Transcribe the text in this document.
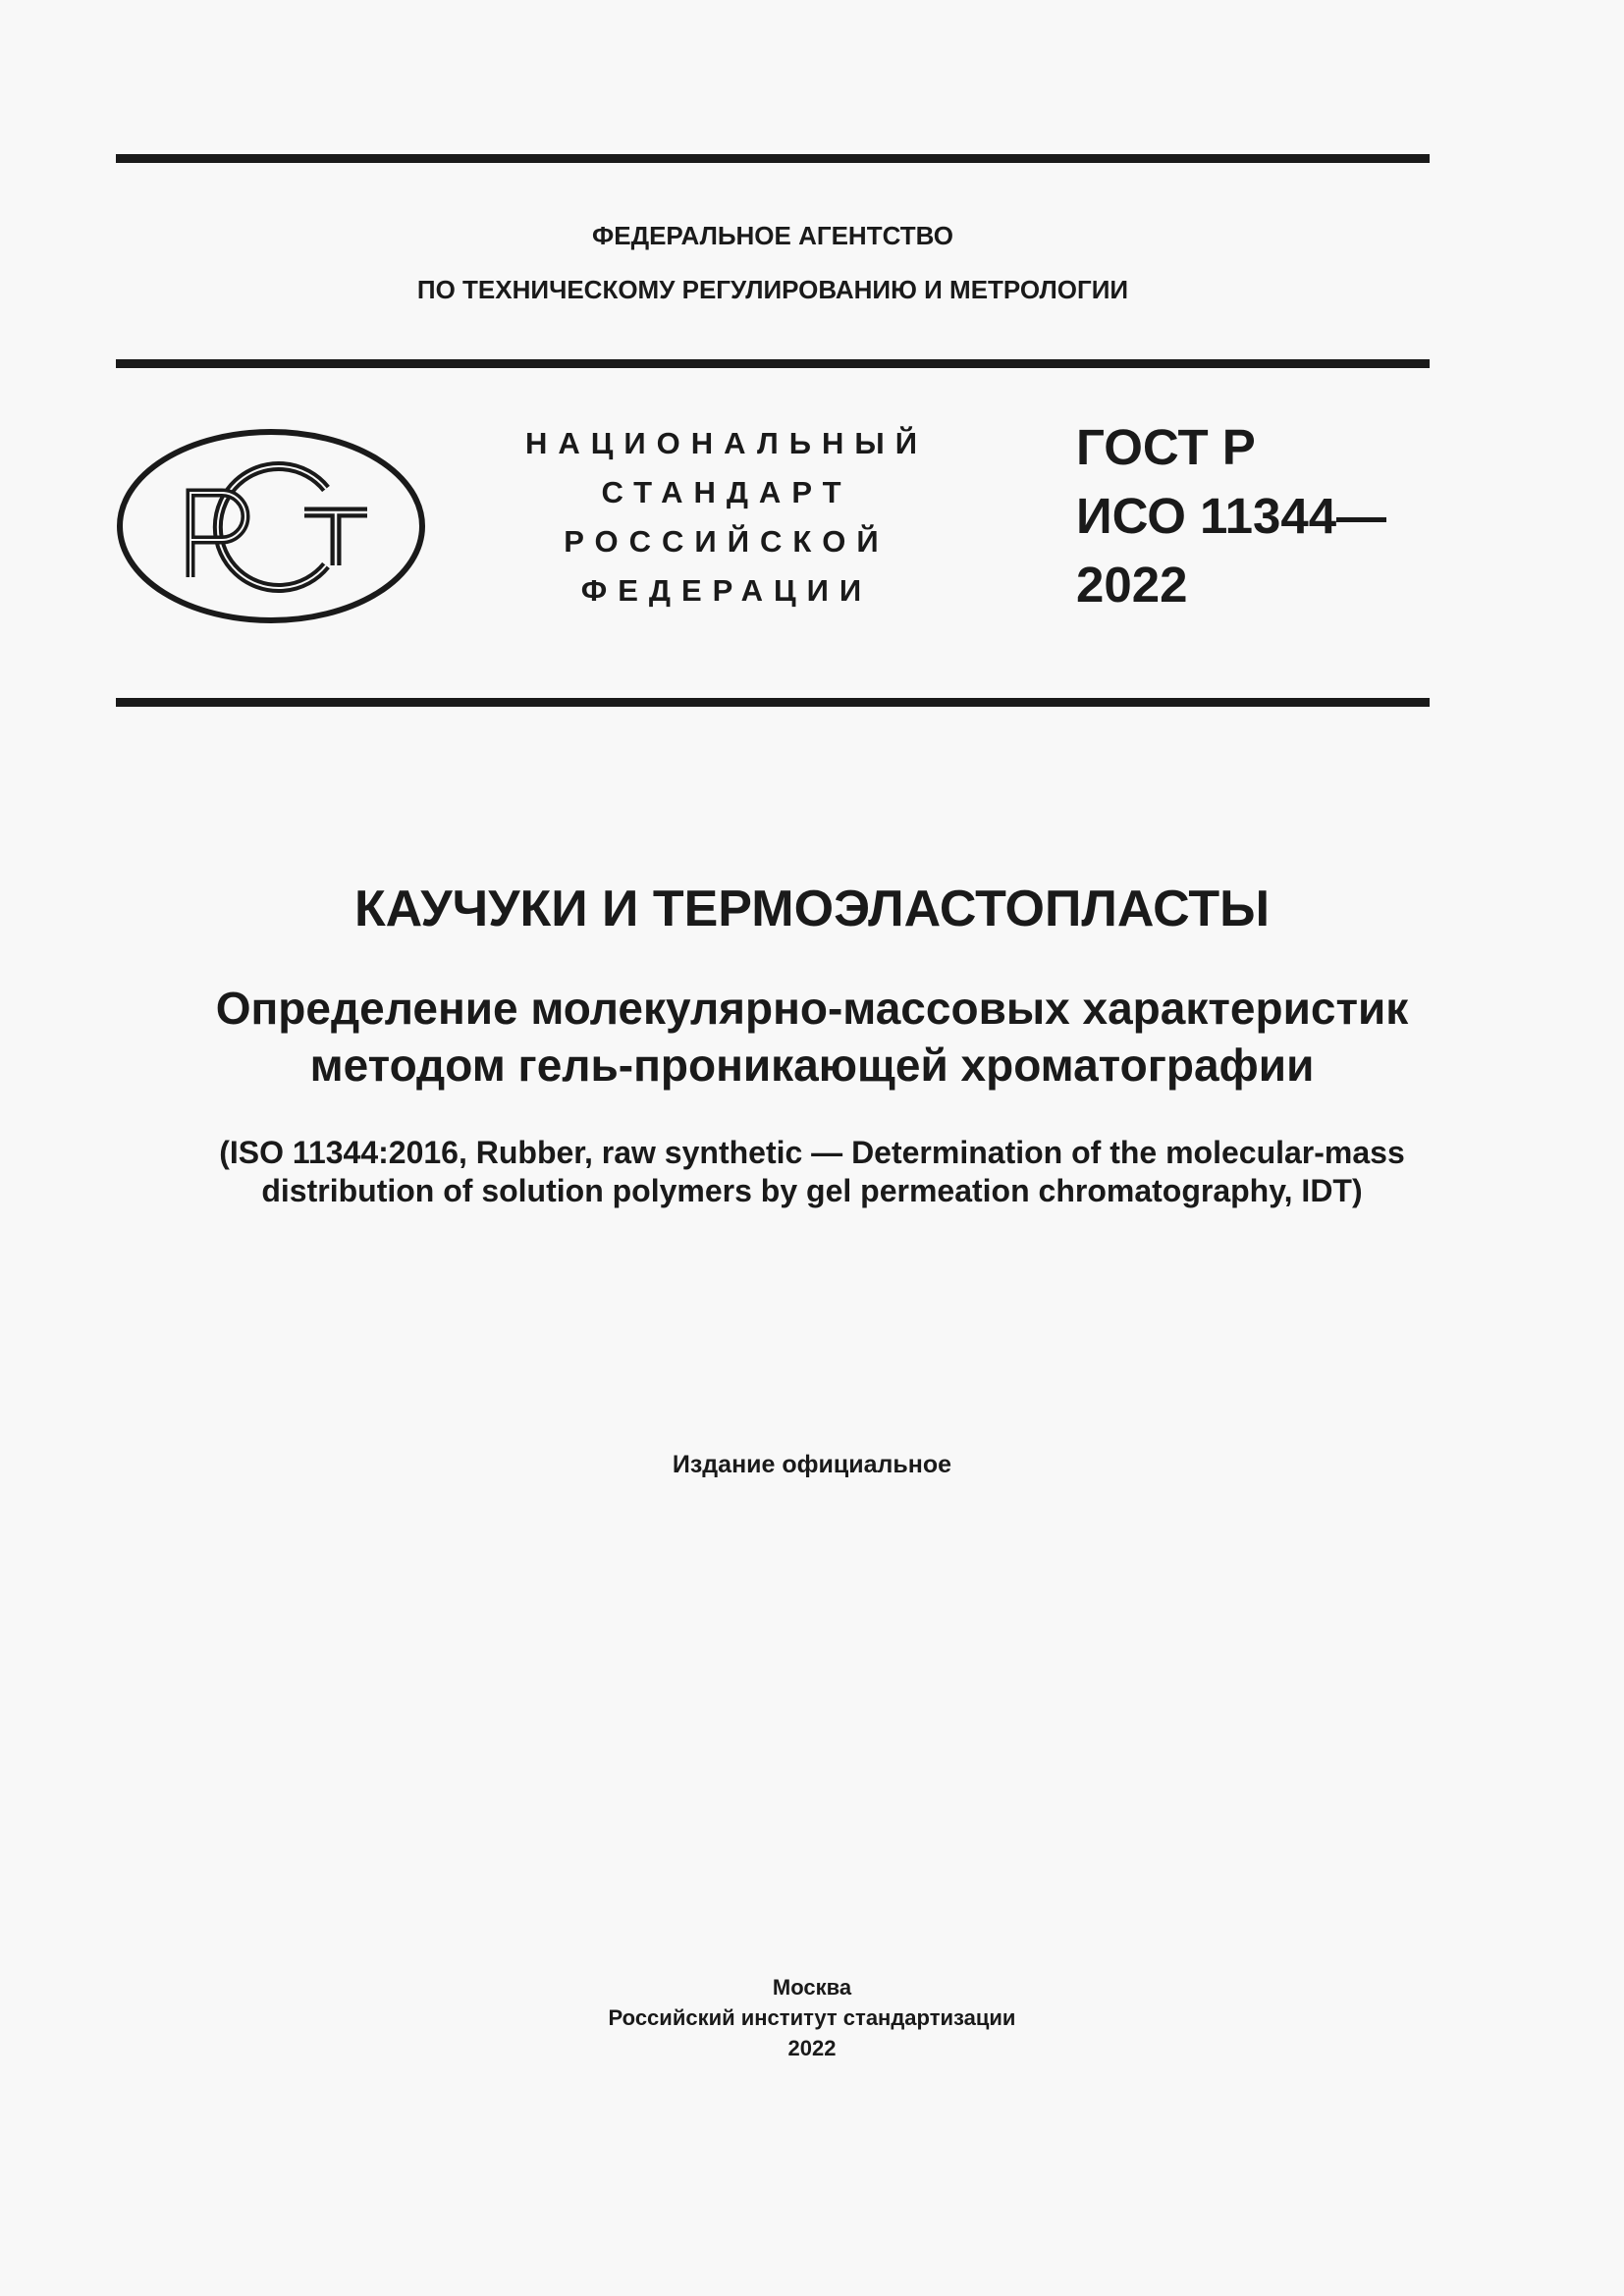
ФЕДЕРАЛЬНОЕ АГЕНТСТВО
ПО ТЕХНИЧЕСКОМУ РЕГУЛИРОВАНИЮ И МЕТРОЛОГИИ
НАЦИОНАЛЬНЫЙ
СТАНДАРТ
РОССИЙСКОЙ
ФЕДЕРАЦИИ
ГОСТ Р
ИСО 11344—
2022
КАУЧУКИ И ТЕРМОЭЛАСТОПЛАСТЫ
Определение молекулярно-массовых характеристик
методом гель-проникающей хроматографии
(ISO 11344:2016, Rubber, raw synthetic — Determination of the molecular-mass
distribution of solution polymers by gel permeation chromatography, IDT)
Издание официальное
Москва
Российский институт стандартизации
2022
